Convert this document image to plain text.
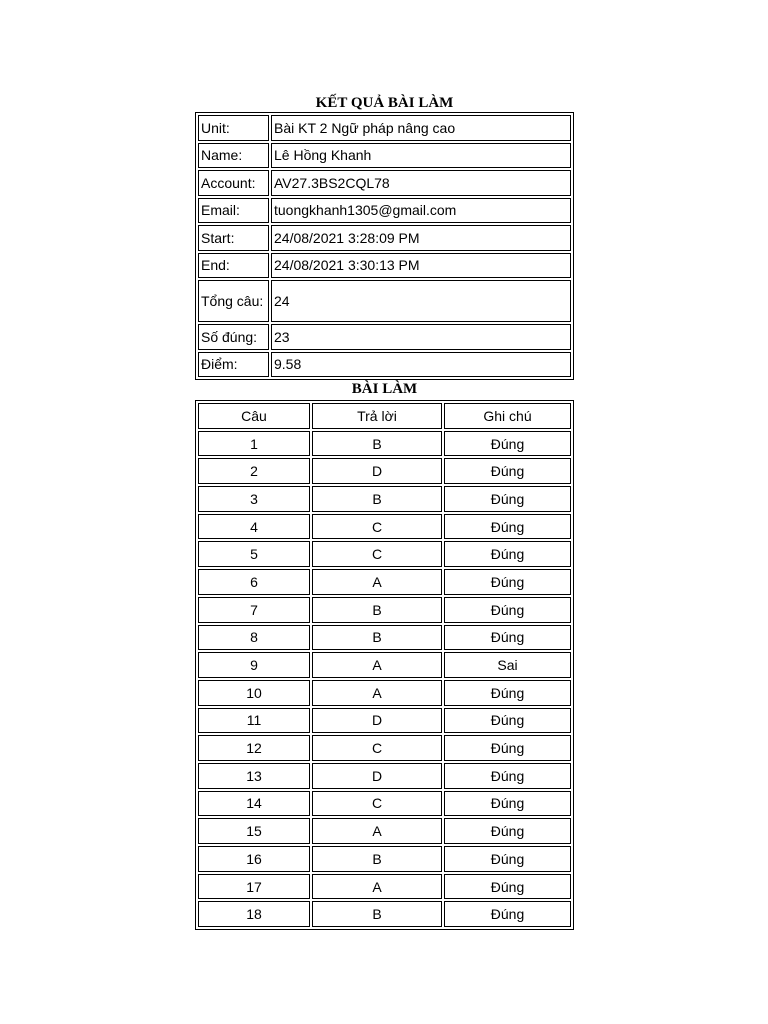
KẾT QUẢ BÀI LÀM
Unit:	Bài KT 2 Ngữ pháp nâng cao
Name:	Lê Hồng Khanh
Account:	AV27.3BS2CQL78
Email:	tuongkhanh1305@gmail.com
Start:	24/08/2021 3:28:09 PM
End:	24/08/2021 3:30:13 PM
Tổng câu:	24
Số đúng:	23
Điểm:	9.58
BÀI LÀM
Câu	Trả lời	Ghi chú
1	B	Đúng
2	D	Đúng
3	B	Đúng
4	C	Đúng
5	C	Đúng
6	A	Đúng
7	B	Đúng
8	B	Đúng
9	A	Sai
10	A	Đúng
11	D	Đúng
12	C	Đúng
13	D	Đúng
14	C	Đúng
15	A	Đúng
16	B	Đúng
17	A	Đúng
18	B	Đúng
